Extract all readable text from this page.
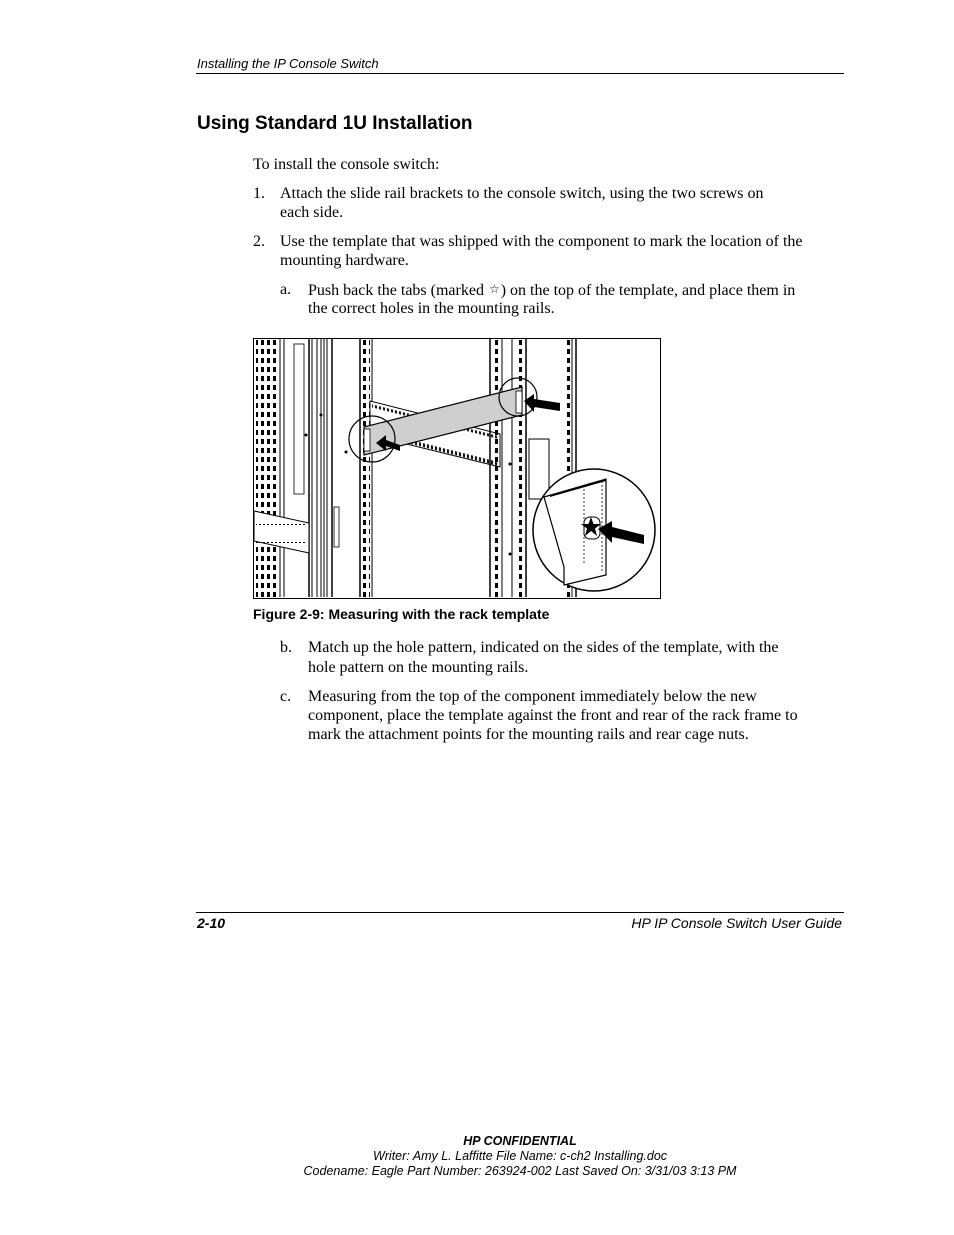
Installing the IP Console Switch
Using Standard 1U Installation

To install the console switch:

1. Attach the slide rail brackets to the console switch, using the two screws on

each side.

2. Use the template that was shipped with the component to mark the location of the

mounting hardware.

a. Push back the tabs (marked ☆) on the top of the template, and place them in

the correct holes in the mounting rails.

Figure 2-9: Measuring with the rack template
b. Match up the hole pattern, indicated on the sides of the template, with the

hole pattern on the mounting rails.

c. Measuring from the top of the component immediately below the new

component, place the template against the front and rear of the rack frame to

mark the attachment points for the mounting rails and rear cage nuts.

2-10	HP IP Console Switch User Guide
HP CONFIDENTIAL
Writer: Amy L. Laffitte File Name: c-ch2 Installing.doc
Codename: Eagle Part Number: 263924-002 Last Saved On: 3/31/03 3:13 PM
